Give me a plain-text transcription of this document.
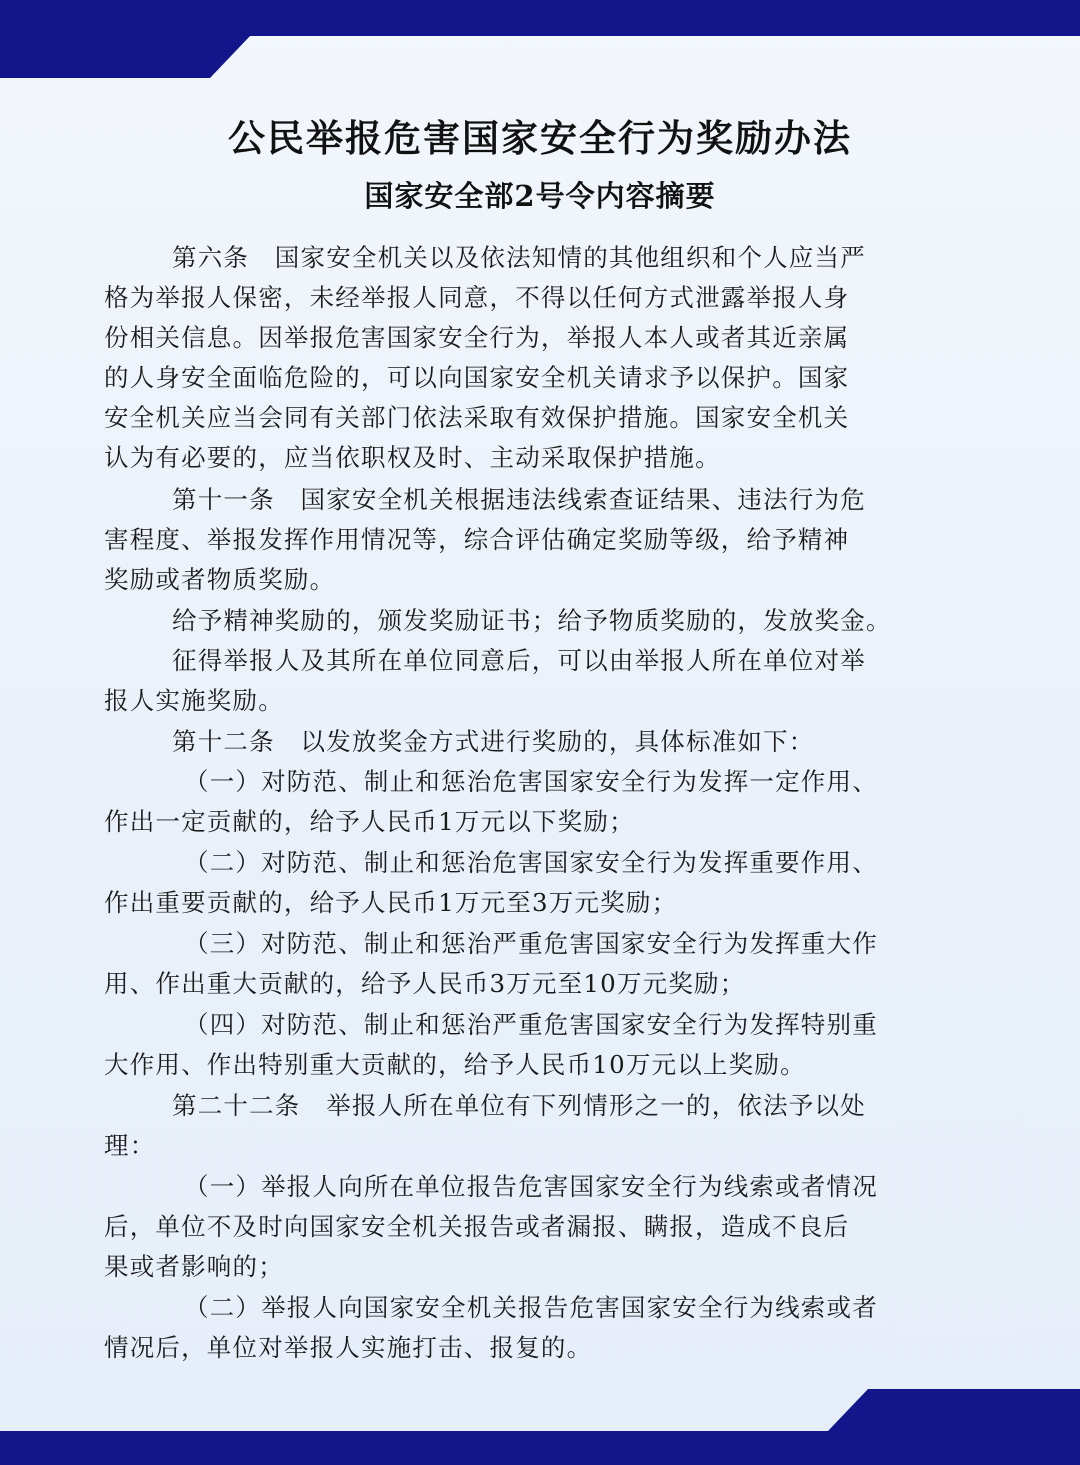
公民举报危害国家安全行为奖励办法
国家安全部2号令内容摘要
第六条　国家安全机关以及依法知情的其他组织和个人应当严
格为举报人保密，未经举报人同意，不得以任何方式泄露举报人身
份相关信息。因举报危害国家安全行为，举报人本人或者其近亲属
的人身安全面临危险的，可以向国家安全机关请求予以保护。国家
安全机关应当会同有关部门依法采取有效保护措施。国家安全机关
认为有必要的，应当依职权及时、主动采取保护措施。
第十一条　国家安全机关根据违法线索查证结果、违法行为危
害程度、举报发挥作用情况等，综合评估确定奖励等级，给予精神
奖励或者物质奖励。
给予精神奖励的，颁发奖励证书；给予物质奖励的，发放奖金。
征得举报人及其所在单位同意后，可以由举报人所在单位对举
报人实施奖励。
第十二条　以发放奖金方式进行奖励的，具体标准如下：
（一）对防范、制止和惩治危害国家安全行为发挥一定作用、
作出一定贡献的，给予人民币1万元以下奖励；
（二）对防范、制止和惩治危害国家安全行为发挥重要作用、
作出重要贡献的，给予人民币1万元至3万元奖励；
（三）对防范、制止和惩治严重危害国家安全行为发挥重大作
用、作出重大贡献的，给予人民币3万元至10万元奖励；
（四）对防范、制止和惩治严重危害国家安全行为发挥特别重
大作用、作出特别重大贡献的，给予人民币10万元以上奖励。
第二十二条　举报人所在单位有下列情形之一的，依法予以处
理：
（一）举报人向所在单位报告危害国家安全行为线索或者情况
后，单位不及时向国家安全机关报告或者漏报、瞒报，造成不良后
果或者影响的；
（二）举报人向国家安全机关报告危害国家安全行为线索或者
情况后，单位对举报人实施打击、报复的。
